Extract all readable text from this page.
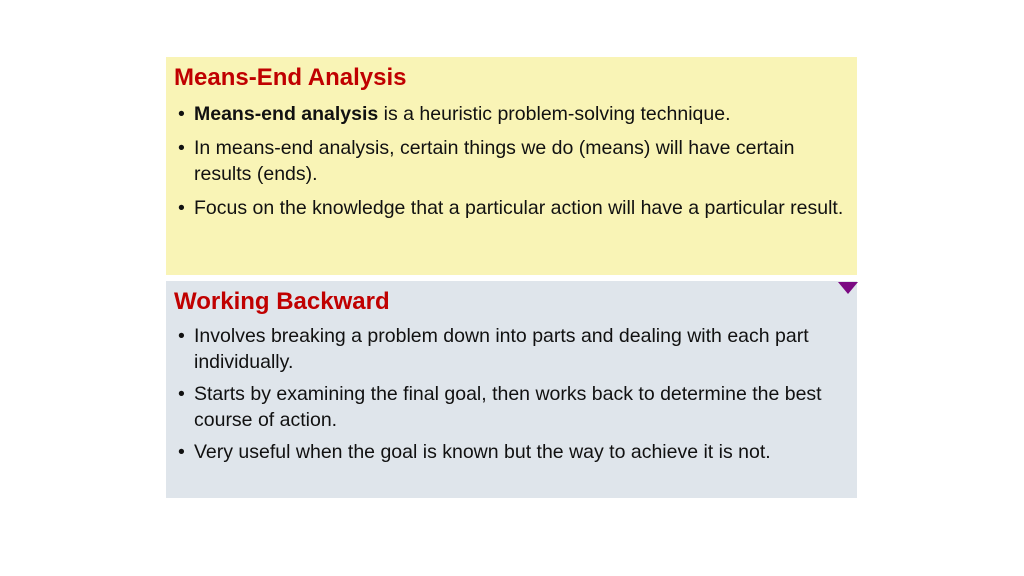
Means-End Analysis
• Means-end analysis is a heuristic problem-solving technique.
• In means-end analysis, certain things we do (means) will have certain results (ends).
• Focus on the knowledge that a particular action will have a particular result.
Working Backward
• Involves breaking a problem down into parts and dealing with each part individually.
• Starts by examining the final goal, then works back to determine the best course of action.
• Very useful when the goal is known but the way to achieve it is not.
